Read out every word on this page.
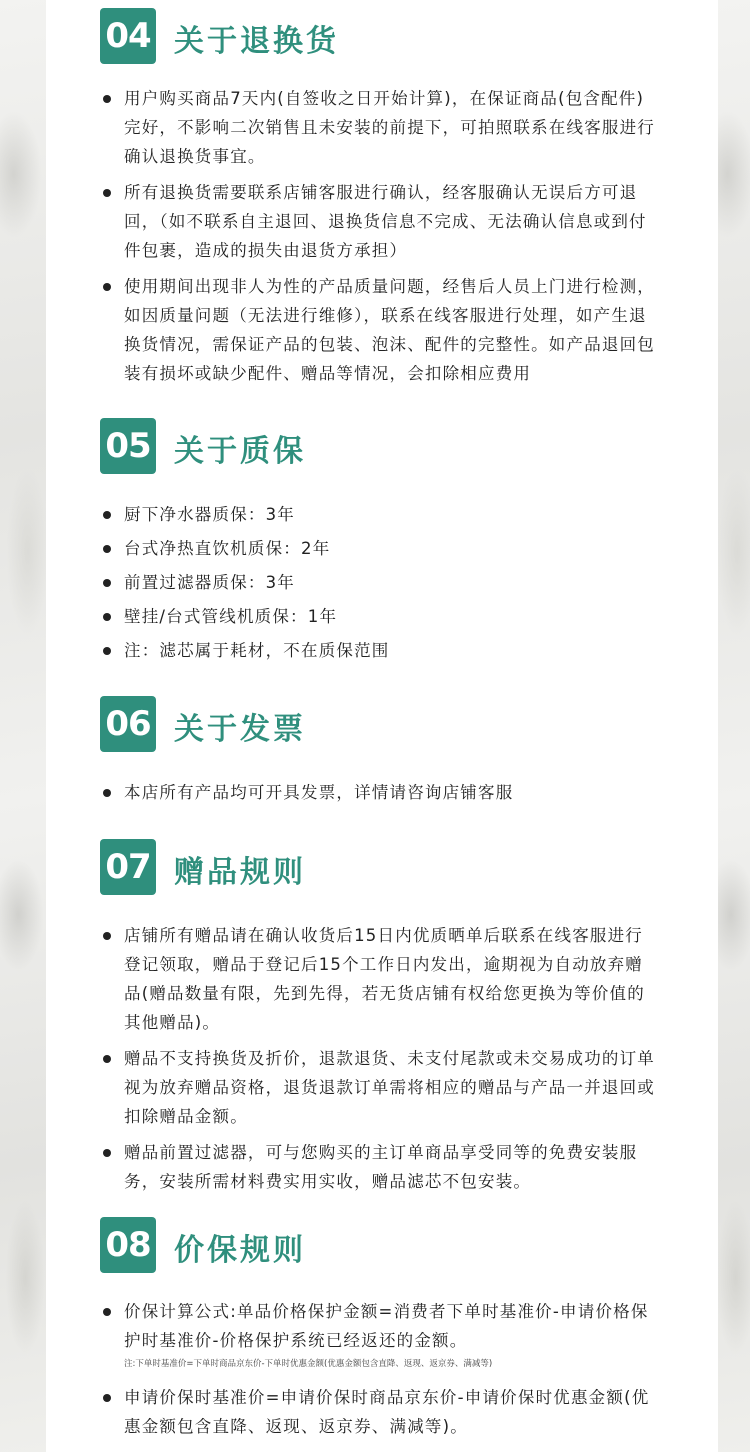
04 关于退换货
用户购买商品7天内(自签收之日开始计算)，在保证商品(包含配件)完好，不影响二次销售且未安装的前提下，可拍照联系在线客服进行确认退换货事宜。
所有退换货需要联系店铺客服进行确认，经客服确认无误后方可退回，（如不联系自主退回、退换货信息不完成、无法确认信息或到付件包裹，造成的损失由退货方承担）
使用期间出现非人为性的产品质量问题，经售后人员上门进行检测，如因质量问题（无法进行维修），联系在线客服进行处理，如产生退换货情况，需保证产品的包装、泡沫、配件的完整性。如产品退回包装有损坏或缺少配件、赠品等情况，会扣除相应费用
05 关于质保
厨下净水器质保：3年
台式净热直饮机质保：2年
前置过滤器质保：3年
壁挂/台式管线机质保：1年
注：滤芯属于耗材，不在质保范围
06 关于发票
本店所有产品均可开具发票，详情请咨询店铺客服
07 赠品规则
店铺所有赠品请在确认收货后15日内优质晒单后联系在线客服进行登记领取，赠品于登记后15个工作日内发出，逾期视为自动放弃赠品(赠品数量有限，先到先得，若无货店铺有权给您更换为等价值的其他赠品)。
赠品不支持换货及折价，退款退货、未支付尾款或未交易成功的订单视为放弃赠品资格，退货退款订单需将相应的赠品与产品一并退回或扣除赠品金额。
赠品前置过滤器，可与您购买的主订单商品享受同等的免费安装服务，安装所需材料费实用实收，赠品滤芯不包安装。
08 价保规则
价保计算公式:单品价格保护金额=消费者下单时基准价-申请价格保护时基准价-价格保护系统已经返还的金额。
注:下单时基准价=下单时商品京东价-下单时优惠金额(优惠金额包含直降、返现、返京券、满减等)
申请价保时基准价=申请价保时商品京东价-申请价保时优惠金额(优惠金额包含直降、返现、返京券、满减等)。
